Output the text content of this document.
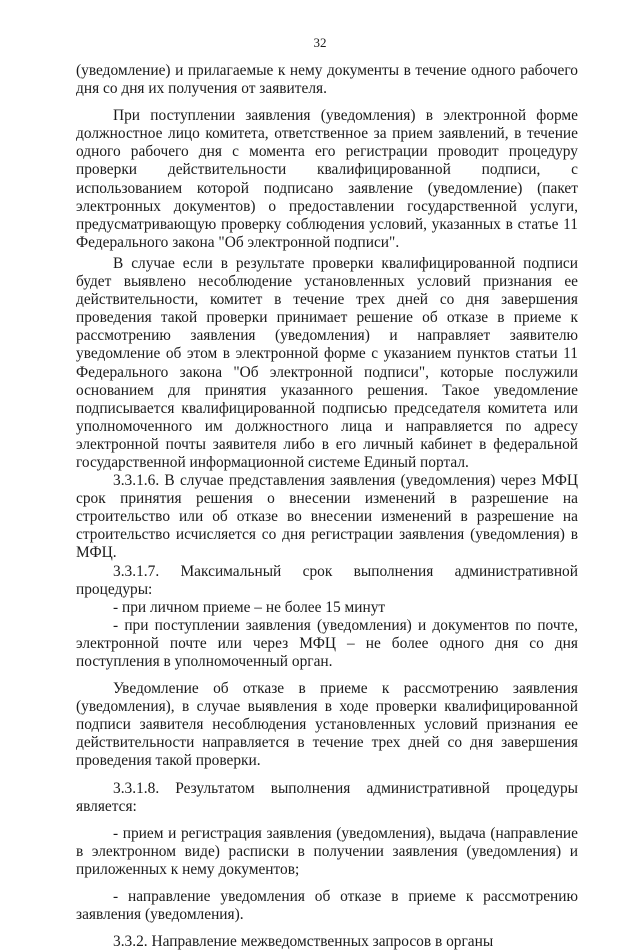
32

(уведомление) и прилагаемые к нему документы в течение одного рабочего дня со дня их получения от заявителя.

При поступлении заявления (уведомления) в электронной форме должностное лицо комитета, ответственное за прием заявлений, в течение одного рабочего дня с момента его регистрации проводит процедуру проверки действительности квалифицированной подписи, с использованием которой подписано заявление (уведомление) (пакет электронных документов) о предоставлении государственной услуги, предусматривающую проверку соблюдения условий, указанных в статье 11 Федерального закона "Об электронной подписи".

В случае если в результате проверки квалифицированной подписи будет выявлено несоблюдение установленных условий признания ее действительности, комитет в течение трех дней со дня завершения проведения такой проверки принимает решение об отказе в приеме к рассмотрению заявления (уведомления) и направляет заявителю уведомление об этом в электронной форме с указанием пунктов статьи 11 Федерального закона "Об электронной подписи", которые послужили основанием для принятия указанного решения. Такое уведомление подписывается квалифицированной подписью председателя комитета или уполномоченного им должностного лица и направляется по адресу электронной почты заявителя либо в его личный кабинет в федеральной государственной информационной системе Единый портал.

3.3.1.6. В случае представления заявления (уведомления) через МФЦ срок принятия решения о внесении изменений в разрешение на строительство или об отказе во внесении изменений в разрешение на строительство исчисляется со дня регистрации заявления (уведомления) в МФЦ.

3.3.1.7. Максимальный срок выполнения административной процедуры:

- при личном приеме – не более 15 минут

- при поступлении заявления (уведомления) и документов по почте, электронной почте или через МФЦ – не более одного дня со дня поступления в уполномоченный орган.

Уведомление об отказе в приеме к рассмотрению заявления (уведомления), в случае выявления в ходе проверки квалифицированной подписи заявителя несоблюдения установленных условий признания ее действительности направляется в течение трех дней со дня завершения проведения такой проверки.

3.3.1.8. Результатом выполнения административной процедуры является:

- прием и регистрация заявления (уведомления), выдача (направление в электронном виде) расписки в получении заявления (уведомления) и приложенных к нему документов;

- направление уведомления об отказе в приеме к рассмотрению заявления (уведомления).

3.3.2. Направление межведомственных запросов в органы
